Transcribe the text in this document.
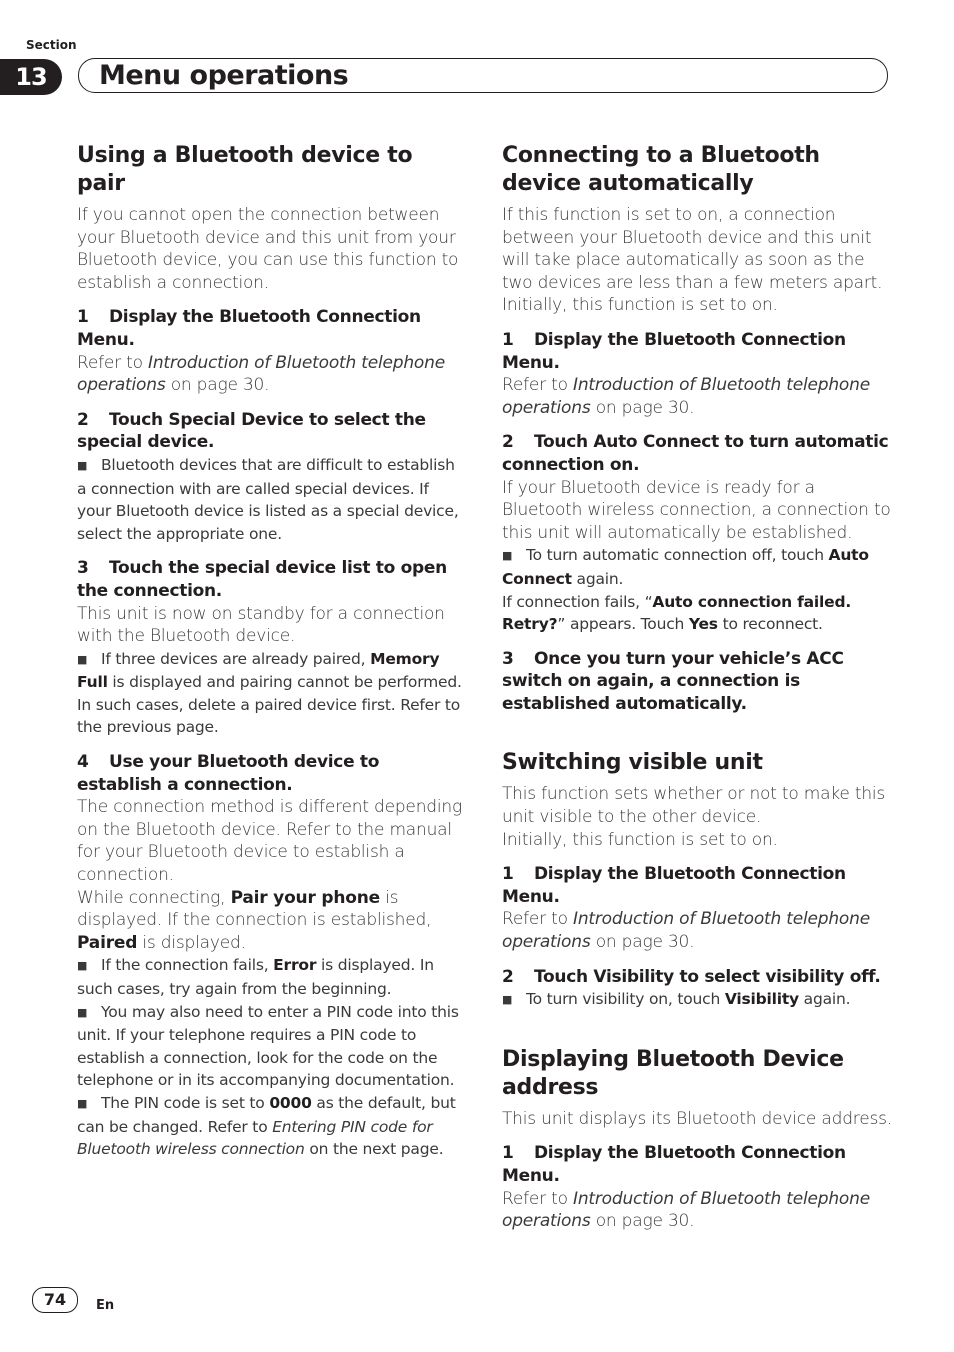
Section
13	Menu operations
Using a Bluetooth device to pair

If you cannot open the connection between your Bluetooth device and this unit from your Bluetooth device, you can use this function to establish a connection.

1 Display the Bluetooth Connection Menu.

Refer to Introduction of Bluetooth telephone operations on page 30.

2 Touch Special Device to select the special device.
■ Bluetooth devices that are difficult to establish a connection with are called special devices. If your Bluetooth device is listed as a special device, select the appropriate one.
3 Touch the special device list to open the connection.

This unit is now on standby for a connection with the Bluetooth device.

■ If three devices are already paired, Memory Full is displayed and pairing cannot be performed. In such cases, delete a paired device first. Refer to the previous page.
4 Use your Bluetooth device to establish a connection.

The connection method is different depending on the Bluetooth device. Refer to the manual for your Bluetooth device to establish a connection.

While connecting, Pair your phone is displayed. If the connection is established, Paired is displayed.

■ If the connection fails, Error is displayed. In such cases, try again from the beginning.
■ You may also need to enter a PIN code into this unit. If your telephone requires a PIN code to establish a connection, look for the code on the telephone or in its accompanying documentation.
■ The PIN code is set to 0000 as the default, but can be changed. Refer to Entering PIN code for Bluetooth wireless connection on the next page.
Connecting to a Bluetooth device automatically

If this function is set to on, a connection between your Bluetooth device and this unit will take place automatically as soon as the two devices are less than a few meters apart.

Initially, this function is set to on.

1 Display the Bluetooth Connection Menu.

Refer to Introduction of Bluetooth telephone operations on page 30.

2 Touch Auto Connect to turn automatic connection on.

If your Bluetooth device is ready for a Bluetooth wireless connection, a connection to this unit will automatically be established.

■ To turn automatic connection off, touch Auto Connect again.
If connection fails, “Auto connection failed. Retry?” appears. Touch Yes to reconnect.
3 Once you turn your vehicle’s ACC switch on again, a connection is established automatically.
Switching visible unit

This function sets whether or not to make this unit visible to the other device.

Initially, this function is set to on.

1 Display the Bluetooth Connection Menu.

Refer to Introduction of Bluetooth telephone operations on page 30.

2 Touch Visibility to select visibility off.
■ To turn visibility on, touch Visibility again.
Displaying Bluetooth Device address

This unit displays its Bluetooth device address.

1 Display the Bluetooth Connection Menu.

Refer to Introduction of Bluetooth telephone operations on page 30.

74	En
